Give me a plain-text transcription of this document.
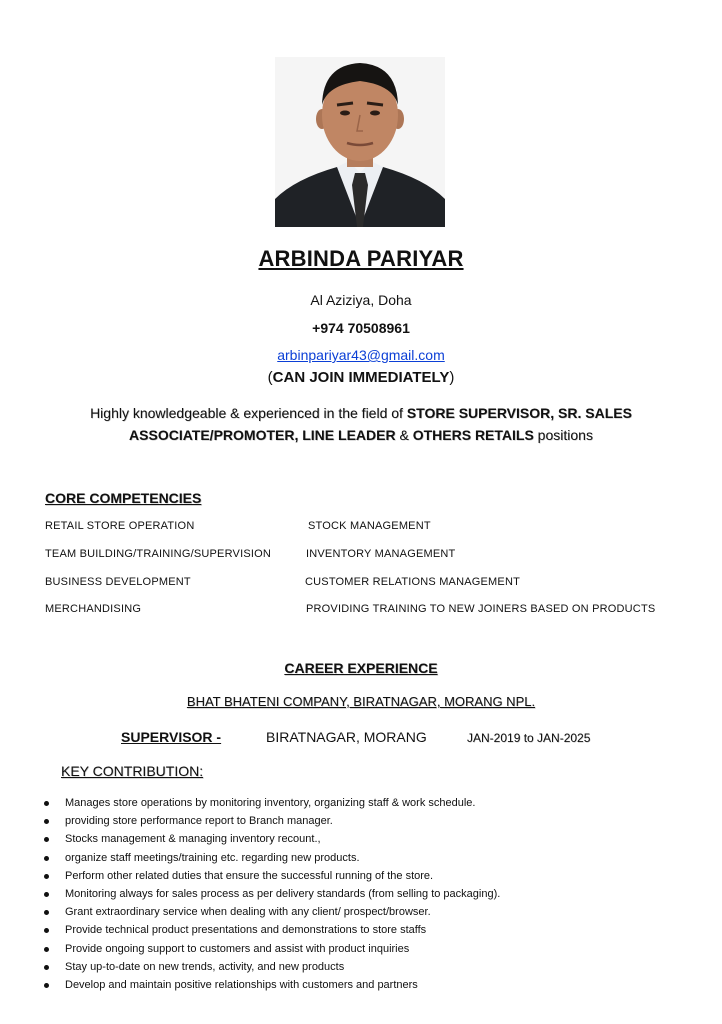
ARBINDA PARIYAR
Al Aziziya, Doha
+974 70508961
arbinpariyar43@gmail.com
(CAN JOIN IMMEDIATELY)
Highly knowledgeable & experienced in the field of STORE SUPERVISOR, SR. SALES ASSOCIATE/PROMOTER, LINE LEADER & OTHERS RETAILS positions
CORE COMPETENCIES
RETAIL STORE OPERATION	STOCK MANAGEMENT
TEAM BUILDING/TRAINING/SUPERVISION	INVENTORY MANAGEMENT
BUSINESS DEVELOPMENT	CUSTOMER RELATIONS MANAGEMENT
MERCHANDISING	PROVIDING TRAINING TO NEW JOINERS BASED ON PRODUCTS
CAREER EXPERIENCE
BHAT BHATENI COMPANY, BIRATNAGAR, MORANG NPL.
SUPERVISOR -	BIRATNAGAR, MORANG	JAN-2019 to JAN-2025
KEY CONTRIBUTION:
Manages store operations by monitoring inventory, organizing staff & work schedule.
providing store performance report to Branch manager.
Stocks management & managing inventory recount.,
organize staff meetings/training etc. regarding new products.
Perform other related duties that ensure the successful running of the store.
Monitoring always for sales process as per delivery standards (from selling to packaging).
Grant extraordinary service when dealing with any client/ prospect/browser.
Provide technical product presentations and demonstrations to store staffs
Provide ongoing support to customers and assist with product inquiries
Stay up-to-date on new trends, activity, and new products
Develop and maintain positive relationships with customers and partners
